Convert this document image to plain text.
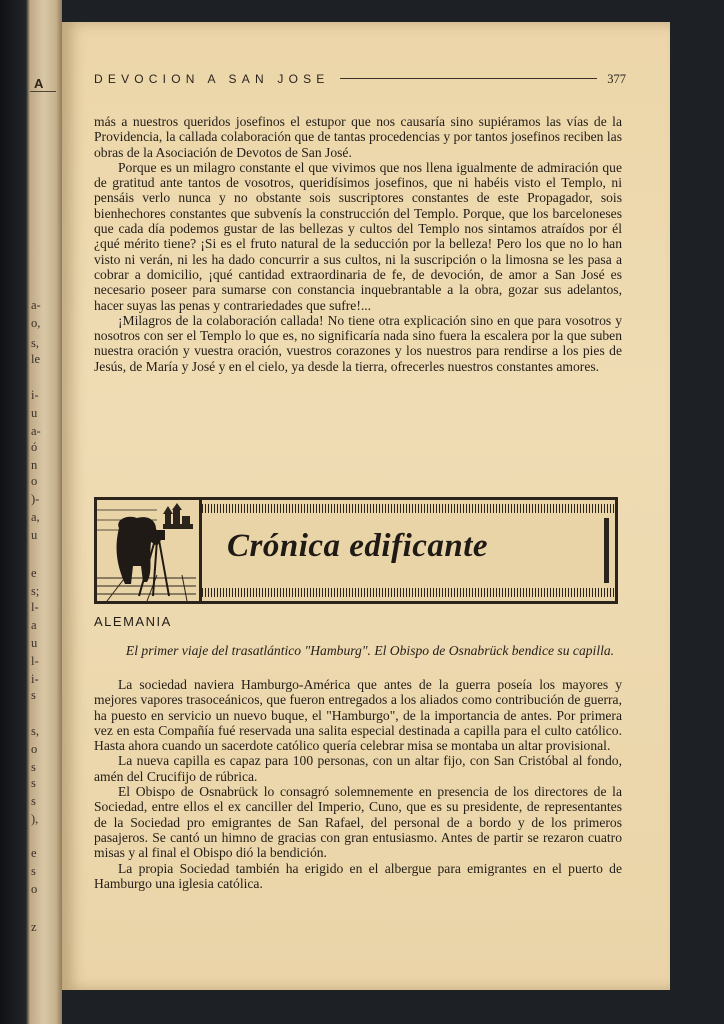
A
a-
o,
s,
le
i-
u
a-
ó
n
o
)-
a,
u
e
s;
l-
a
u
l-
i-
s
s,
o
s
s
s
),
e
s
o
z
DEVOCION A SAN JOSE	377

más a nuestros queridos josefinos el estupor que nos causaría sino supiéramos las vías de la Providencia, la callada colaboración que de tantas procedencias y por tantos josefinos reciben las obras de la Asociación de Devotos de San José.

Porque es un milagro constante el que vivimos que nos llena igualmente de admiración que de gratitud ante tantos de vosotros, queridísimos josefinos, que ni habéis visto el Templo, ni pensáis verlo nunca y no obstante sois suscriptores constantes de este Propagador, sois bienhechores constantes que subvenís la construcción del Templo. Porque, que los barceloneses que cada día podemos gustar de las bellezas y cultos del Templo nos sintamos atraídos por él ¿qué mérito tiene? ¡Si es el fruto natural de la seducción por la belleza! Pero los que no lo han visto ni verán, ni les ha dado concurrir a sus cultos, ni la suscripción o la limosna se les pasa a cobrar a domicilio, ¡qué cantidad extraordinaria de fe, de devoción, de amor a San José es necesario poseer para sumarse con constancia inquebrantable a la obra, gozar sus adelantos, hacer suyas las penas y contrariedades que sufre!...

¡Milagros de la colaboración callada! No tiene otra explicación sino en que para vosotros y nosotros con ser el Templo lo que es, no significaría nada sino fuera la escalera por la que suben nuestra oración y vuestra oración, vuestros corazones y los nuestros para rendirse a los pies de Jesús, de María y José y en el cielo, ya desde la tierra, ofrecerles nuestros constantes amores.

Crónica edificante
ALEMANIA
El primer viaje del trasatlántico "Hamburg". El Obispo de Osnabrück bendice su capilla.

La sociedad naviera Hamburgo-América que antes de la guerra poseía los mayores y mejores vapores trasoceánicos, que fueron entregados a los aliados como contribución de guerra, ha puesto en servicio un nuevo buque, el "Hamburgo", de la importancia de antes. Por primera vez en esta Compañía fué reservada una salita especial destinada a capilla para el culto católico. Hasta ahora cuando un sacerdote católico quería celebrar misa se montaba un altar provisional.

La nueva capilla es capaz para 100 personas, con un altar fijo, con San Cristóbal al fondo, amén del Crucifijo de rúbrica.

El Obispo de Osnabrück lo consagró solemnemente en presencia de los directores de la Sociedad, entre ellos el ex canciller del Imperio, Cuno, que es su presidente, de representantes de la Sociedad pro emigrantes de San Rafael, del personal de a bordo y de los primeros pasajeros. Se cantó un himno de gracias con gran entusiasmo. Antes de partir se rezaron cuatro misas y al final el Obispo dió la bendición.

La propia Sociedad también ha erigido en el albergue para emigrantes en el puerto de Hamburgo una iglesia católica.
